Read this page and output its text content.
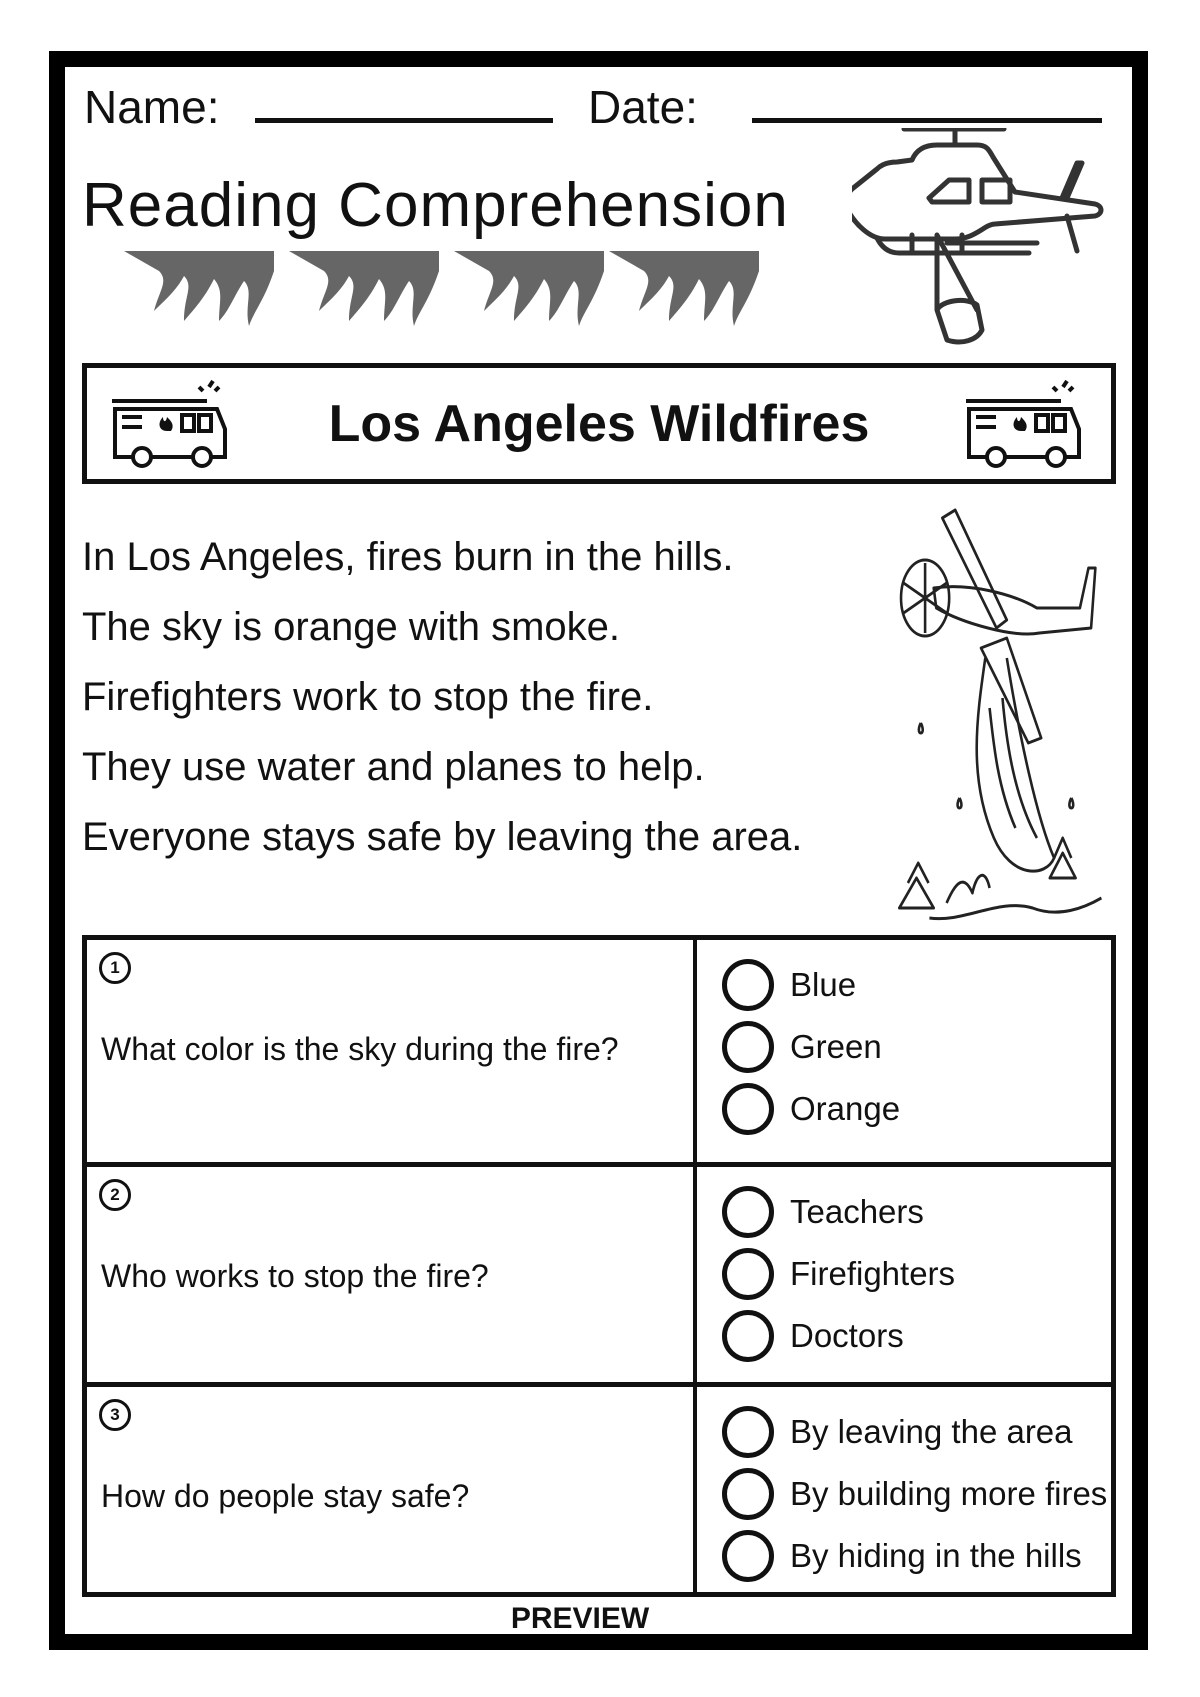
Name:	Date:
Reading Comprehension
Los Angeles Wildfires
In Los Angeles, fires burn in the hills.
The sky is orange with smoke.
Firefighters work to stop the fire.
They use water and planes to help.
Everyone stays safe by leaving the area.
1
What color is the sky during the fire?
Blue
Green
Orange
2
Who works to stop the fire?
Teachers
Firefighters
Doctors
3
How do people stay safe?
By leaving the area
By building more fires
By hiding in the hills
PREVIEW
